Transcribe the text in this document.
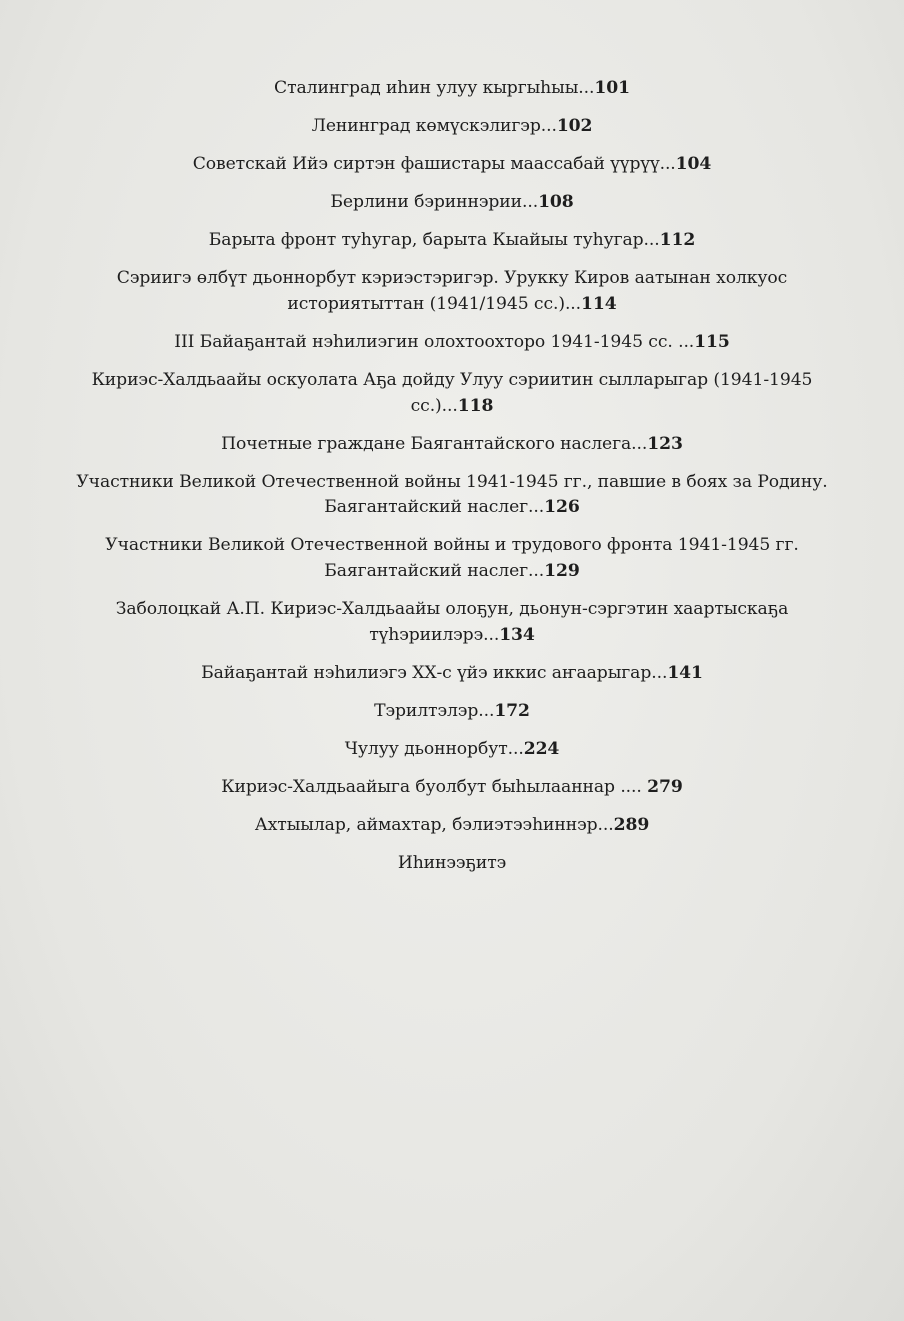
Сталинград иһин улуу кыргыһыы...101
Ленинград көмүскэлигэр...102
Советскай Ийэ сиртэн фашистары маассабай үүрүү...104
Берлини бэриннэрии...108
Барыта фронт туһугар, барыта Кыайыы туһугар...112
Сэриигэ өлбүт дьоннорбут кэриэстэригэр. Урукку Киров аатынан холкуос историятыттан (1941/1945 сс.)...114
III Байаҕантай нэһилиэгин олохтоохторо 1941-1945 сс. ...115
Кириэс-Халдьаайы оскуолата Аҕа дойду Улуу сэриитин сылларыгар (1941-1945 сс.)...118
Почетные граждане Баягантайского наслега...123
Участники Великой Отечественной войны 1941-1945 гг., павшие в боях за Родину. Баягантайский наслег...126
Участники Великой Отечественной войны и трудового фронта 1941-1945 гг. Баягантайский наслег...129
Заболоцкай А.П. Кириэс-Халдьаайы олоҕун, дьонун-сэргэтин хаартыскаҕа түһэриилэрэ...134
Байаҕантай нэһилиэгэ ХХ-с үйэ иккис аҥаарыгар...141
Тэрилтэлэр...172
Чулуу дьоннорбут...224
Кириэс-Халдьаайыга буолбут быһылааннар .... 279
Ахтыылар, аймахтар, бэлиэтээһиннэр...289
Иһинээҕитэ
